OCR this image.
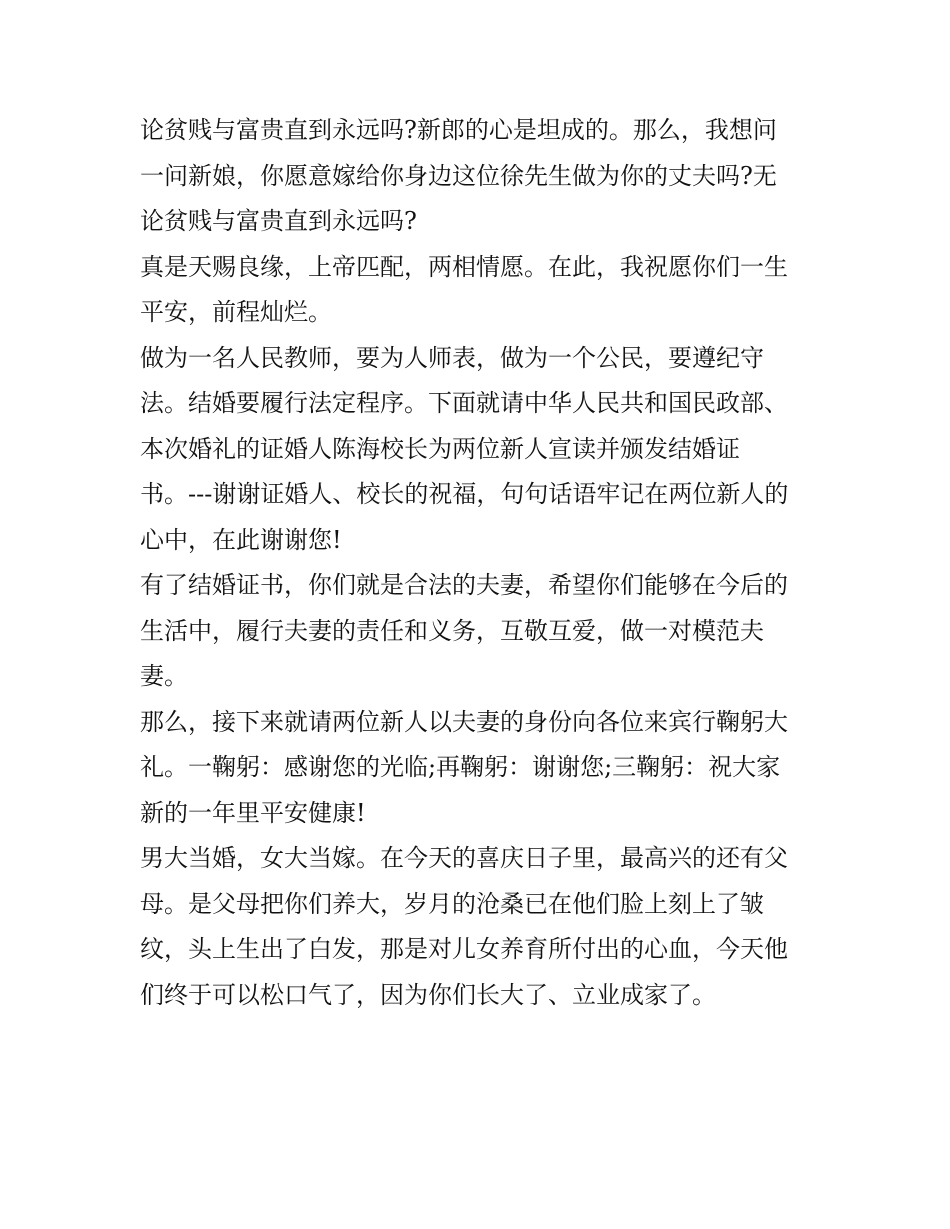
论贫贱与富贵直到永远吗?新郎的心是坦成的。那么，我想问
一问新娘，你愿意嫁给你身边这位徐先生做为你的丈夫吗?无
论贫贱与富贵直到永远吗?
真是天赐良缘，上帝匹配，两相情愿。在此，我祝愿你们一生
平安，前程灿烂。
做为一名人民教师，要为人师表，做为一个公民，要遵纪守
法。结婚要履行法定程序。下面就请中华人民共和国民政部、
本次婚礼的证婚人陈海校长为两位新人宣读并颁发结婚证
书。---谢谢证婚人、校长的祝福，句句话语牢记在两位新人的
心中，在此谢谢您!
有了结婚证书，你们就是合法的夫妻，希望你们能够在今后的
生活中，履行夫妻的责任和义务，互敬互爱，做一对模范夫
妻。
那么，接下来就请两位新人以夫妻的身份向各位来宾行鞠躬大
礼。一鞠躬：感谢您的光临;再鞠躬：谢谢您;三鞠躬：祝大家
新的一年里平安健康!
男大当婚，女大当嫁。在今天的喜庆日子里，最高兴的还有父
母。是父母把你们养大，岁月的沧桑已在他们脸上刻上了皱
纹，头上生出了白发，那是对儿女养育所付出的心血，今天他
们终于可以松口气了，因为你们长大了、立业成家了。
